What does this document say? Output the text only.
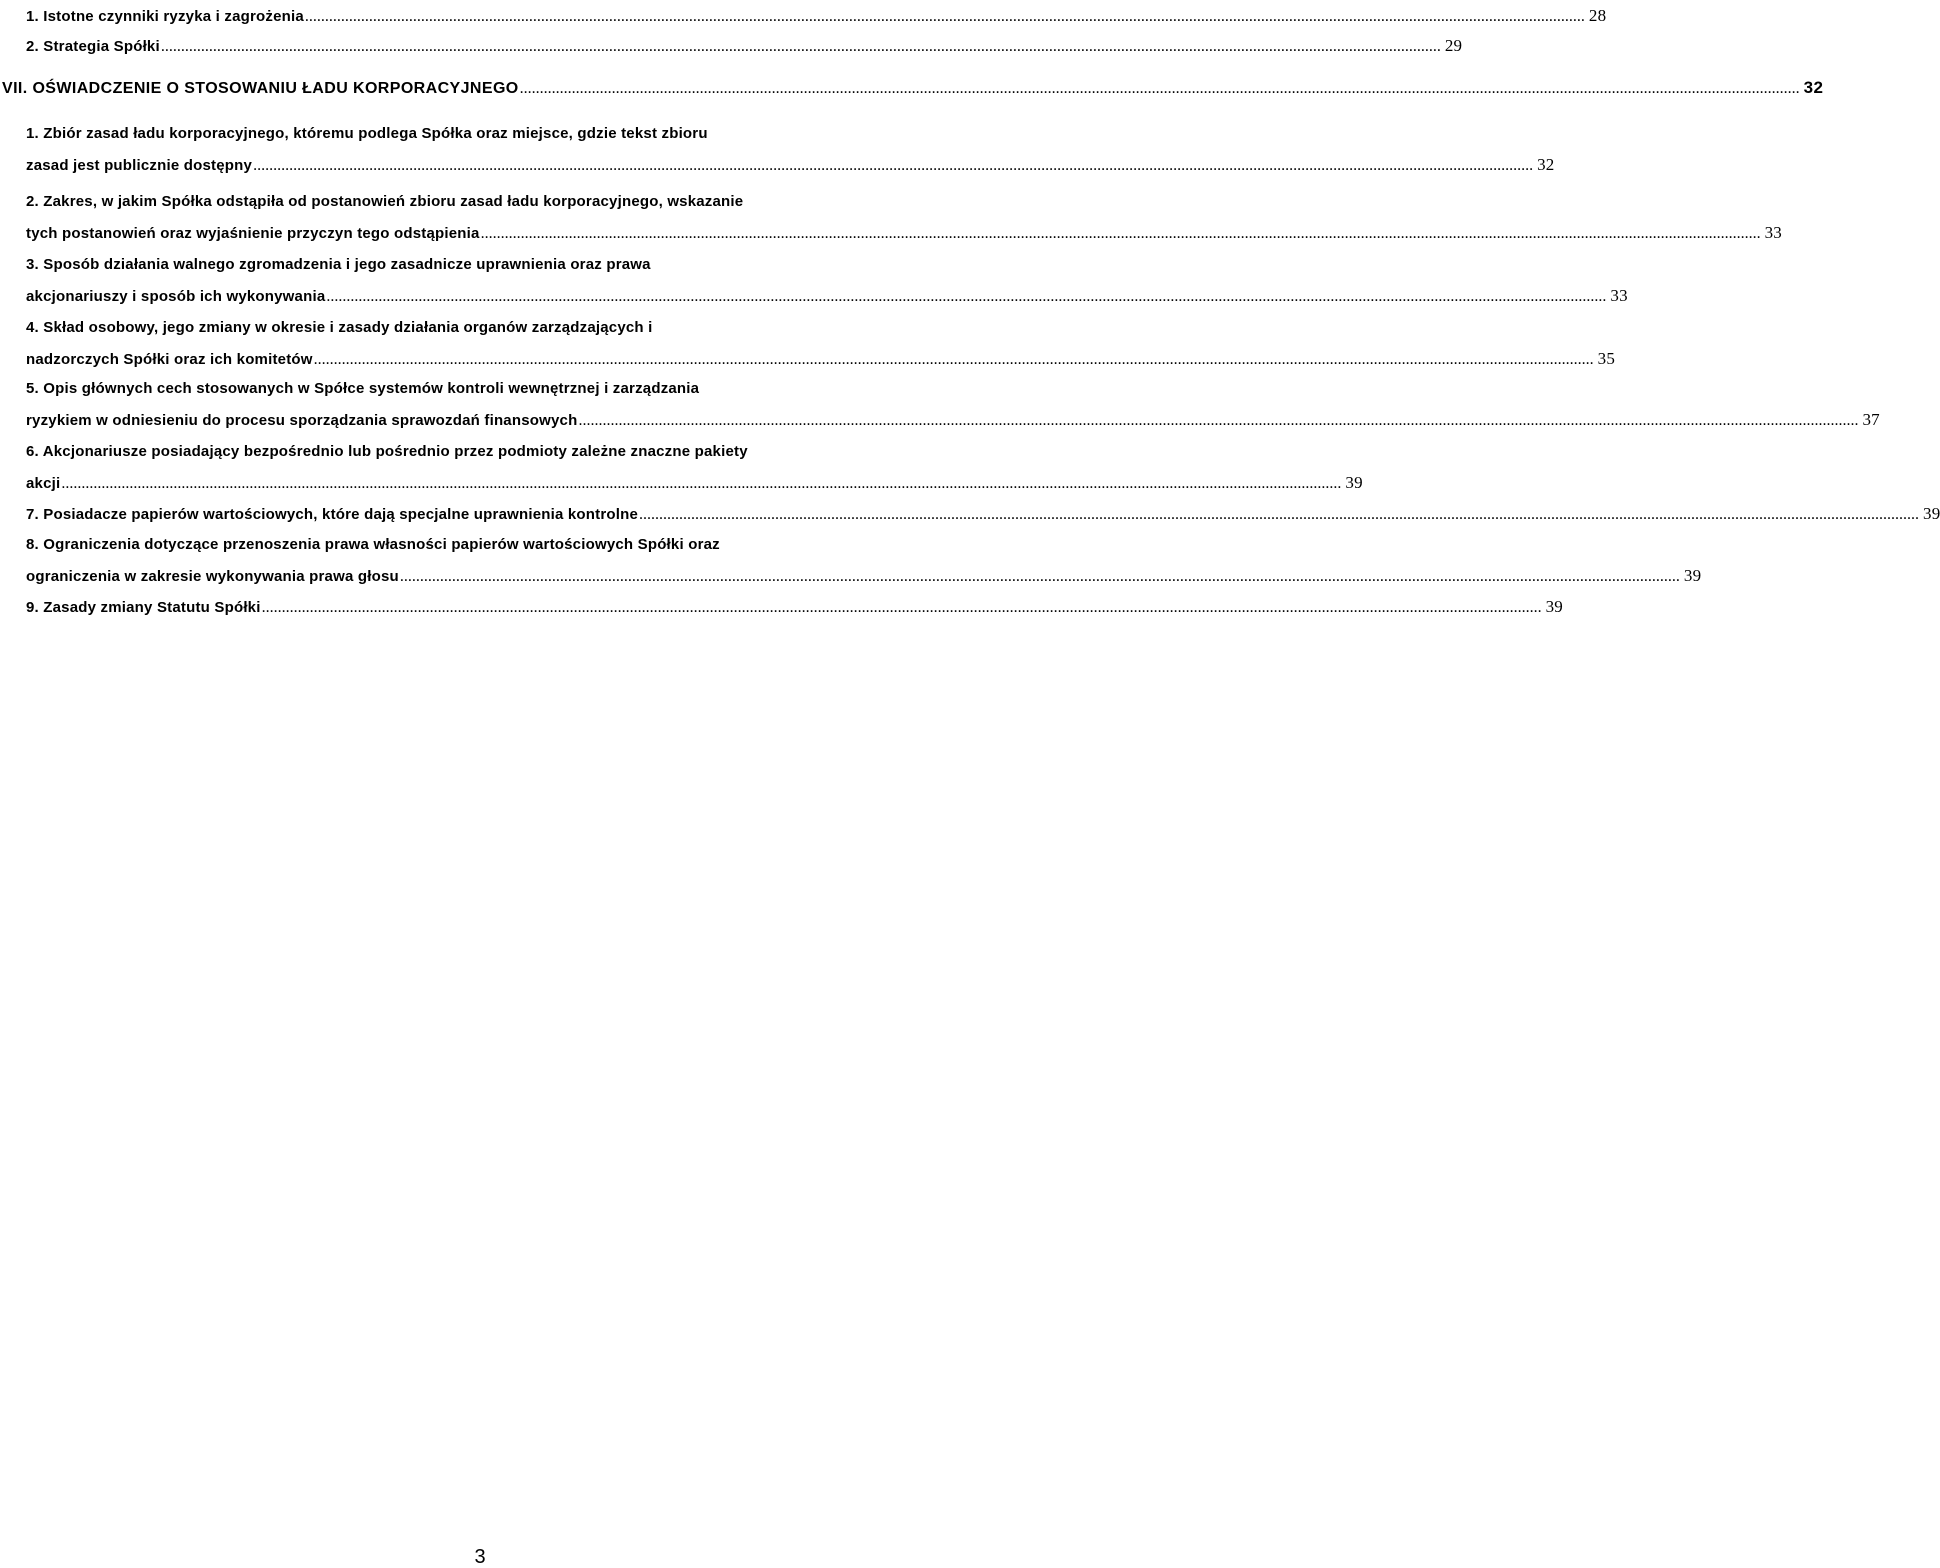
1. Istotne czynniki ryzyka i zagrożenia .....	28
2. Strategia Spółki .....	29
VII. OŚWIADCZENIE O STOSOWANIU ŁADU KORPORACYJNEGO .....	32
1. Zbiór zasad ładu korporacyjnego, któremu podlega Spółka oraz miejsce, gdzie tekst zbioru
zasad jest publicznie dostępny .....	32
2. Zakres, w jakim Spółka odstąpiła od postanowień zbioru zasad ładu korporacyjnego, wskazanie
tych postanowień oraz wyjaśnienie przyczyn tego odstąpienia .....	33
3. Sposób działania walnego zgromadzenia i jego zasadnicze uprawnienia oraz prawa
akcjonariuszy i sposób ich wykonywania .....	33
4. Skład osobowy, jego zmiany w okresie i zasady działania organów zarządzających i
nadzorczych Spółki oraz ich komitetów .....	35
5. Opis głównych cech stosowanych w Spółce systemów kontroli wewnętrznej i zarządzania
ryzykiem w odniesieniu do procesu sporządzania sprawozdań finansowych .....	37
6. Akcjonariusze posiadający bezpośrednio lub pośrednio przez podmioty zależne znaczne pakiety
akcji .....	39
7. Posiadacze papierów wartościowych, które dają specjalne uprawnienia kontrolne .....	39
8. Ograniczenia dotyczące przenoszenia prawa własności papierów wartościowych Spółki oraz
ograniczenia w zakresie wykonywania prawa głosu .....	39
9. Zasady zmiany Statutu Spółki .....	39
3
